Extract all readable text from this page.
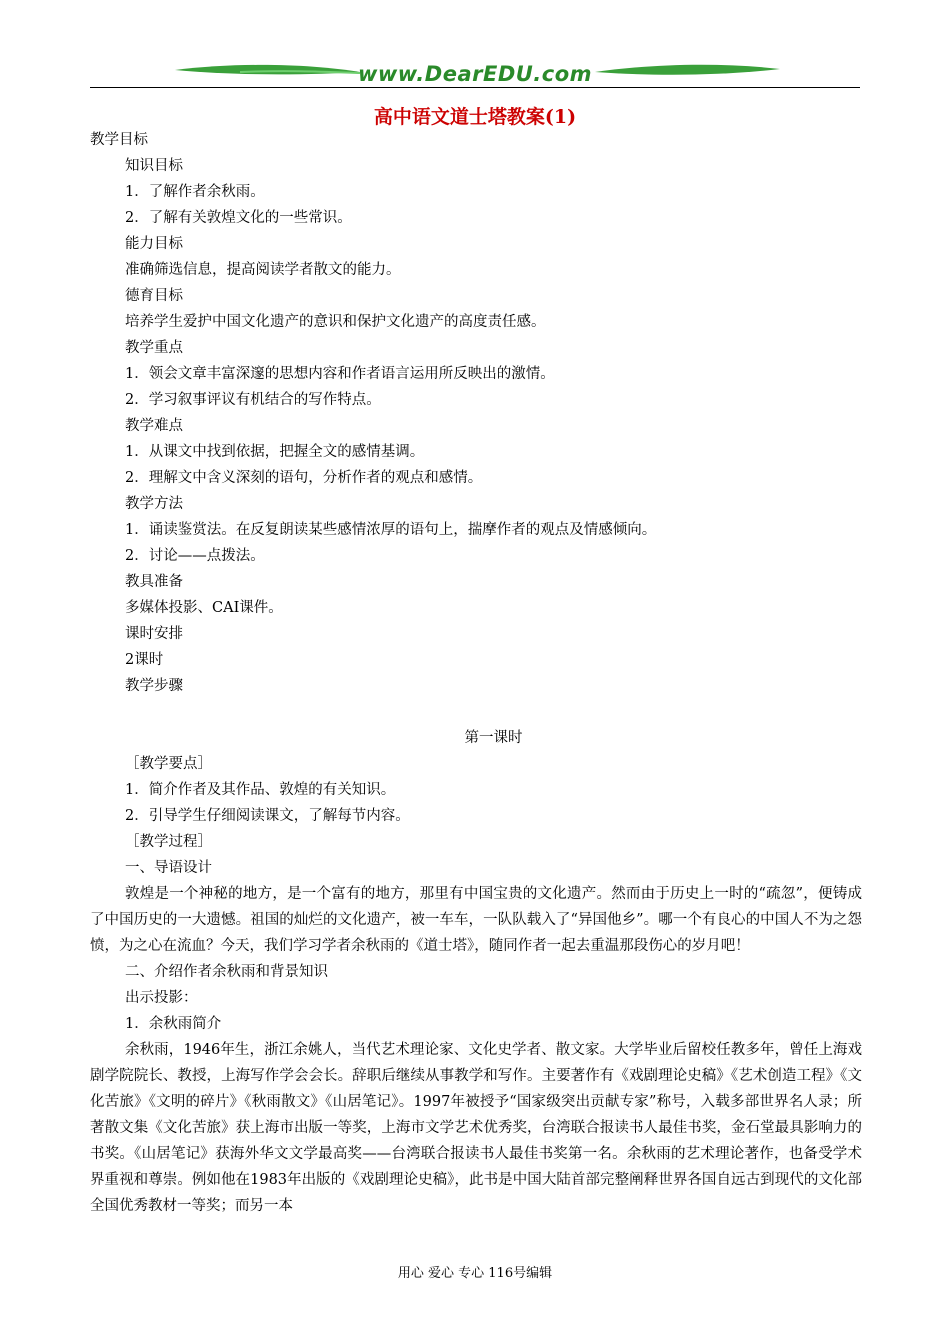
www.DearEDU.com
高中语文道士塔教案(1)
教学目标
知识目标
1．了解作者余秋雨。
2．了解有关敦煌文化的一些常识。
能力目标
准确筛选信息，提高阅读学者散文的能力。
德育目标
培养学生爱护中国文化遗产的意识和保护文化遗产的高度责任感。
教学重点
1．领会文章丰富深邃的思想内容和作者语言运用所反映出的激情。
2．学习叙事评议有机结合的写作特点。
教学难点
1．从课文中找到依据，把握全文的感情基调。
2．理解文中含义深刻的语句，分析作者的观点和感情。
教学方法
1．诵读鉴赏法。在反复朗读某些感情浓厚的语句上，揣摩作者的观点及情感倾向。
2．讨论——点拨法。
教具准备
多媒体投影、CAI课件。
课时安排
2课时
教学步骤
第一课时
［教学要点］
1．简介作者及其作品、敦煌的有关知识。
2．引导学生仔细阅读课文，了解每节内容。
［教学过程］
一、导语设计
敦煌是一个神秘的地方，是一个富有的地方，那里有中国宝贵的文化遗产。然而由于历史上一时的“疏忽”，便铸成了中国历史的一大遗憾。祖国的灿烂的文化遗产，被一车车，一队队载入了“异国他乡”。哪一个有良心的中国人不为之怨愤，为之心在流血？今天，我们学习学者余秋雨的《道士塔》，随同作者一起去重温那段伤心的岁月吧！
二、介绍作者余秋雨和背景知识
出示投影：
1．余秋雨简介
余秋雨，1946年生，浙江余姚人，当代艺术理论家、文化史学者、散文家。大学毕业后留校任教多年，曾任上海戏剧学院院长、教授，上海写作学会会长。辞职后继续从事教学和写作。主要著作有《戏剧理论史稿》《艺术创造工程》《文化苦旅》《文明的碎片》《秋雨散文》《山居笔记》。1997年被授予“国家级突出贡献专家”称号，入载多部世界名人录；所著散文集《文化苦旅》获上海市出版一等奖，上海市文学艺术优秀奖，台湾联合报读书人最佳书奖，金石堂最具影响力的书奖。《山居笔记》获海外华文文学最高奖——台湾联合报读书人最佳书奖第一名。余秋雨的艺术理论著作，也备受学术界重视和尊崇。例如他在1983年出版的《戏剧理论史稿》，此书是中国大陆首部完整阐释世界各国自远古到现代的文化部全国优秀教材一等奖；而另一本
用心 爱心 专心 116号编辑
